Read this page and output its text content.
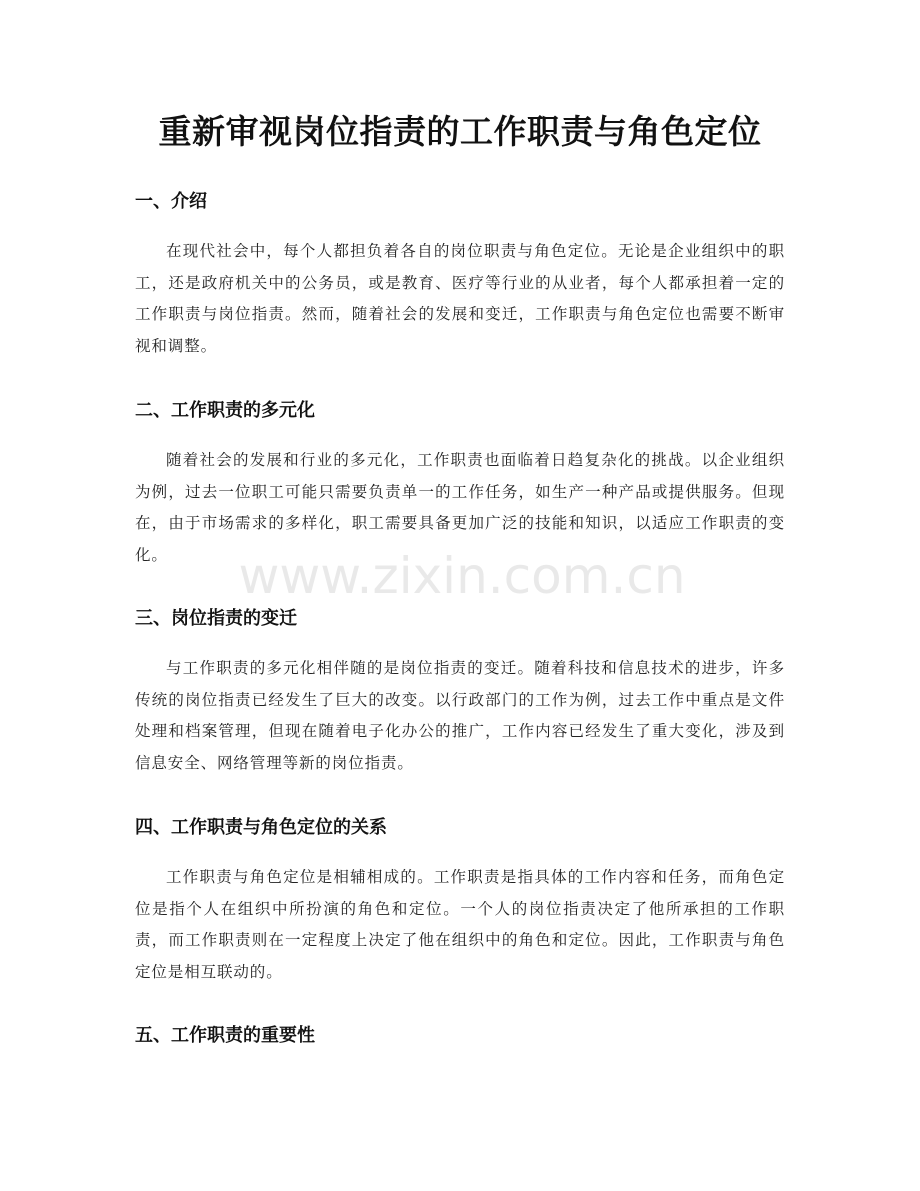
重新审视岗位指责的工作职责与角色定位
一、介绍

在现代社会中，每个人都担负着各自的岗位职责与角色定位。无论是企业组织中的职工，还是政府机关中的公务员，或是教育、医疗等行业的从业者，每个人都承担着一定的工作职责与岗位指责。然而，随着社会的发展和变迁，工作职责与角色定位也需要不断审视和调整。

二、工作职责的多元化

随着社会的发展和行业的多元化，工作职责也面临着日趋复杂化的挑战。以企业组织为例，过去一位职工可能只需要负责单一的工作任务，如生产一种产品或提供服务。但现在，由于市场需求的多样化，职工需要具备更加广泛的技能和知识，以适应工作职责的变化。

三、岗位指责的变迁

与工作职责的多元化相伴随的是岗位指责的变迁。随着科技和信息技术的进步，许多传统的岗位指责已经发生了巨大的改变。以行政部门的工作为例，过去工作中重点是文件处理和档案管理，但现在随着电子化办公的推广，工作内容已经发生了重大变化，涉及到信息安全、网络管理等新的岗位指责。

四、工作职责与角色定位的关系

工作职责与角色定位是相辅相成的。工作职责是指具体的工作内容和任务，而角色定位是指个人在组织中所扮演的角色和定位。一个人的岗位指责决定了他所承担的工作职责，而工作职责则在一定程度上决定了他在组织中的角色和定位。因此，工作职责与角色定位是相互联动的。

五、工作职责的重要性
www.zixin.com.cn
